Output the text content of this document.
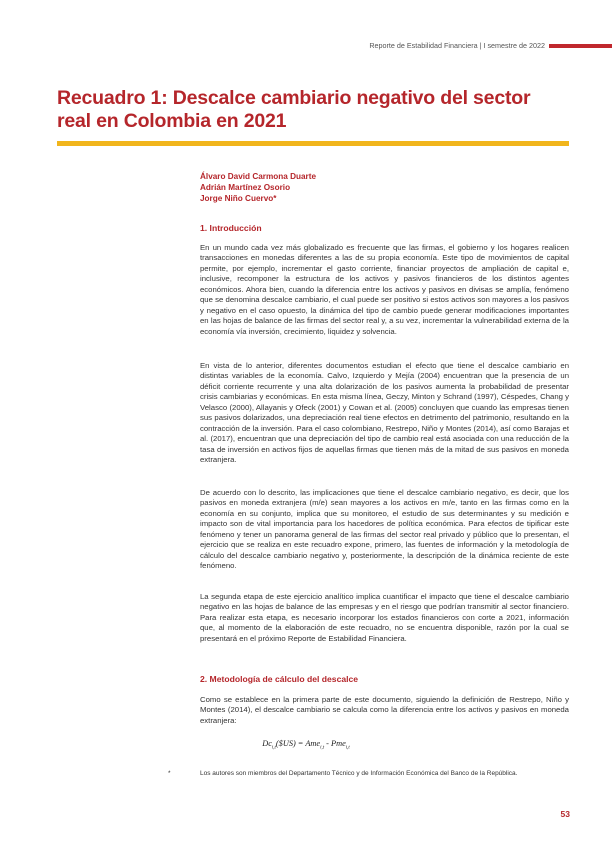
Reporte de Estabilidad Financiera | I semestre de 2022
Recuadro 1: Descalce cambiario negativo del sector real en Colombia en 2021
Álvaro David Carmona Duarte
Adrián Martínez Osorio
Jorge Niño Cuervo*
1. Introducción

En un mundo cada vez más globalizado es frecuente que las firmas, el gobierno y los hogares realicen transacciones en monedas diferentes a las de su propia economía. Este tipo de movimientos de capital permite, por ejemplo, incrementar el gasto corriente, financiar proyectos de ampliación de capital e, inclusive, recomponer la estructura de los activos y pasivos financieros de los distintos agentes económicos. Ahora bien, cuando la diferencia entre los activos y pasivos en divisas se amplía, fenómeno que se denomina descalce cambiario, el cual puede ser positivo si estos activos son mayores a los pasivos y negativo en el caso opuesto, la dinámica del tipo de cambio puede generar modificaciones importantes en las hojas de balance de las firmas del sector real y, a su vez, incrementar la vulnerabilidad externa de la economía vía inversión, crecimiento, liquidez y solvencia.

En vista de lo anterior, diferentes documentos estudian el efecto que tiene el descalce cambiario en distintas variables de la economía. Calvo, Izquierdo y Mejía (2004) encuentran que la presencia de un déficit corriente recurrente y una alta dolarización de los pasivos aumenta la probabilidad de presentar crisis cambiarias y económicas. En esta misma línea, Geczy, Minton y Schrand (1997), Céspedes, Chang y Velasco (2000), Allayanis y Ofeck (2001) y Cowan et al. (2005) concluyen que cuando las empresas tienen sus pasivos dolarizados, una depreciación real tiene efectos en detrimento del patrimonio, resultando en la contracción de la inversión. Para el caso colombiano, Restrepo, Niño y Montes (2014), así como Barajas et al. (2017), encuentran que una depreciación del tipo de cambio real está asociada con una reducción de la tasa de inversión en activos fijos de aquellas firmas que tienen más de la mitad de sus pasivos en moneda extranjera.

De acuerdo con lo descrito, las implicaciones que tiene el descalce cambiario negativo, es decir, que los pasivos en moneda extranjera (m/e) sean mayores a los activos en m/e, tanto en las firmas como en la economía en su conjunto, implica que su monitoreo, el estudio de sus determinantes y su medición e impacto son de vital importancia para los hacedores de política económica. Para efectos de tipificar este fenómeno y tener un panorama general de las firmas del sector real privado y público que lo presentan, el ejercicio que se realiza en este recuadro expone, primero, las fuentes de información y la metodología de cálculo del descalce cambiario negativo y, posteriormente, la descripción de la dinámica reciente de este fenómeno.

La segunda etapa de este ejercicio analítico implica cuantificar el impacto que tiene el descalce cambiario negativo en las hojas de balance de las empresas y en el riesgo que podrían transmitir al sector financiero. Para realizar esta etapa, es necesario incorporar los estados financieros con corte a 2021, información que, al momento de la elaboración de este recuadro, no se encuentra disponible, razón por la cual se presentará en el próximo Reporte de Estabilidad Financiera.

2. Metodología de cálculo del descalce

Como se establece en la primera parte de este documento, siguiendo la definición de Restrepo, Niño y Montes (2014), el descalce cambiario se calcula como la diferencia entre los activos y pasivos en moneda extranjera:

$Dc_{i,t}(\$US) = Ame_{i,t} - Pme_{i,t}$
*	Los autores son miembros del Departamento Técnico y de Información Económica del Banco de la República.
53
